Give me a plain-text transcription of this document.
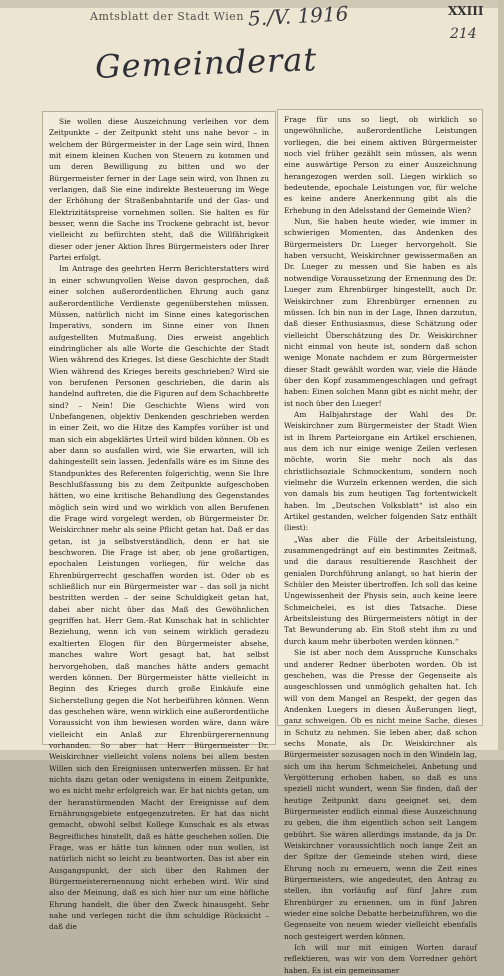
Amtsblatt der Stadt Wien 5./V. 1916	XXIII
214
Gemeinderat

Sie wollen diese Auszeichnung verleihen vor dem Zeitpunkte – der Zeitpunkt steht uns nahe bevor – in welchem der Bürgermeister in der Lage sein wird, Ihnen mit einem kleinen Kuchen von Steuern zu kommen und um deren Bewilligung zu bitten und wo der Bürgermeister ferner in der Lage sein wird, von Ihnen zu verlangen, daß Sie eine indirekte Besteuerung im Wege der Erhöhung der Straßenbahntarife und der Gas- und Elektrizitätspreise vornehmen sollen. Sie halten es für besser, wenn die Sache ins Trockene gebracht ist, bevor vielleicht zu befürchten steht, daß die Willfährigkeit dieser oder jener Aktion Ihres Bürgermeisters oder Ihrer Partei erfolgt.

Im Antrage des geehrten Herrn Berichterstatters wird in einer schwungvollen Weise davon gesprochen, daß einer solchen außerordentlichen Ehrung auch ganz außerordentliche Verdienste gegenüberstehen müssen. Müssen, natürlich nicht im Sinne eines kategorischen Imperativs, sondern im Sinne einer von Ihnen aufgestellten Mutmaßung. Dies erweist angeblich eindringlicher als alle Worte die Geschichte der Stadt Wien während des Krieges. Ist diese Geschichte der Stadt Wien während des Krieges bereits geschrieben? Wird sie von berufenen Personen geschrieben, die darin als handelnd auftreten, die die Figuren auf dem Schachbrette sind? – Nein! Die Geschichte Wiens wird von Unbefangenen, objektiv Denkenden geschrieben werden in einer Zeit, wo die Hitze des Kampfes vorüber ist und man sich ein abgeklärtes Urteil wird bilden können. Ob es aber dann so ausfallen wird, wie Sie erwarten, will ich dahingestellt sein lassen. Jedenfalls wäre es im Sinne des Standpunktes des Referenten folgerichtig, wenn Sie Ihre Beschlußfassung bis zu dem Zeitpunkte aufgeschoben hätten, wo eine kritische Behandlung des Gegenstandes möglich sein wird und wo wirklich von allen Berufenen die Frage wird vorgelegt werden, ob Bürgermeister Dr. Weiskirchner mehr als seine Pflicht getan hat. Daß er das getan, ist ja selbstverständlich, denn er hat sie beschworen. Die Frage ist aber, ob jene großartigen, epochalen Leistungen vorliegen, für welche das Ehrenbürgerrecht geschaffen worden ist. Oder ob es schließlich nur ein Bürgermeister war – das soll ja nicht bestritten werden – der seine Schuldigkeit getan hat, dabei aber nicht über das Maß des Gewöhnlichen gegriffen hat. Herr Gem.-Rat Kunschak hat in schlichter Beziehung, wenn ich von seinem wirklich geradezu exaltierten Elogen für den Bürgermeister absehe, manches wahre Wort gesagt hat, hat selbst hervorgehoben, daß manches hätte anders gemacht werden können. Der Bürgermeister hätte vielleicht in Beginn des Krieges durch große Einkäufe eine Sicherstellung gegen die Not herbeiführen können. Wenn das geschehen wäre, wenn wirklich eine außerordentliche Voraussicht von ihm bewiesen worden wäre, dann wäre vielleicht ein Anlaß zur Ehrenbürgerernennung vorhanden. So aber hat Herr Bürgermeister Dr. Weiskirchner vielleicht volens nolens bei allem besten Willen sich den Ereignissen unterwerfen müssen. Er hat nichts dazu getan oder wenigstens in einem Zeitpunkte, wo es nicht mehr erfolgreich war. Er hat nichts getan, um der heranstürmenden Macht der Ereignisse auf dem Ernährungsgebiete entgegenzutreten. Er hat das nicht gemacht, obwohl selbst Kollege Kunschak es als etwas Begreifliches hinstellt, daß es hätte geschehen sollen. Die Frage, was er hätte tun können oder nun wollen, ist natürlich nicht so leicht zu beantworten. Das ist aber ein Ausgangspunkt, der sich über den Rahmen der Bürgermeisterernennung nicht erheben wird. Wir sind also der Meinung, daß es sich hier nur um eine höfliche Ehrung handelt, die über den Zweck hinausgeht. Sehr nahe und verlegen nicht die ihm schuldige Rücksicht – daß die

Frage für uns so liegt, ob wirklich so ungewöhnliche, außerordentliche Leistungen vorliegen, die bei einem aktiven Bürgermeister noch viel früher gezählt sein müssen, als wenn eine auswärtige Person zu einer Auszeichnung herangezogen werden soll. Liegen wirklich so bedeutende, epochale Leistungen vor, für welche es keine andere Anerkennung gibt als die Erhebung in den Adelsstand der Gemeinde Wien?

Nun, Sie haben heute wieder, wie immer in schwierigen Momenten, das Andenken des Bürgermeisters Dr. Lueger hervorgeholt. Sie haben versucht, Weiskirchner gewissermaßen an Dr. Lueger zu messen und Sie haben es als notwendige Voraussetzung der Ernennung des Dr. Lueger zum Ehrenbürger hingestellt, auch Dr. Weiskirchner zum Ehrenbürger ernennen zu müssen. Ich bin nun in der Lage, Ihnen darzutun, daß dieser Enthusiasmus, diese Schätzung oder vielleicht Überschätzung des Dr. Weiskirchner nicht einmal von heute ist, sondern daß schon wenige Monate nachdem er zum Bürgermeister dieser Stadt gewählt worden war, viele die Hände über den Kopf zusammengeschlagen und gefragt haben: Einen solchen Mann gibt es nicht mehr, der ist noch über den Lueger!

Am Halbjahrstage der Wahl des Dr. Weiskirchner zum Bürgermeister der Stadt Wien ist in Ihrem Parteiorgane ein Artikel erschienen, aus dem ich nur einige wenige Zeilen verlesen möchte, worin Sie mehr noch als das christlichsoziale Schmockentum, sondern noch vielmehr die Wurzeln erkennen werden, die sich von damals bis zum heutigen Tag fortentwickelt haben. Im „Deutschen Volksblatt“ ist also ein Artikel gestanden, welcher folgenden Satz enthält (liest):

„Was aber die Fülle der Arbeitsleistung, zusammengedrängt auf ein bestimmtes Zeitmaß, und die daraus resultierende Raschheit der genialen Durchführung anlangt, so hat hierin der Schüler den Meister übertroffen. Ich soll das keine Ungewissenheit der Physis sein, auch keine leere Schmeichelei, es ist dies Tatsache. Diese Arbeitsleistung des Bürgermeisters nötigt in der Tat Bewunderung ab. Ein Stoß steht ihm zu und durch kaum mehr überboten werden können.“

Sie ist aber noch dem Ausspruche Kunschaks und anderer Redner überboten worden. Ob ist geschehen, was die Presse der Gegenseite als ausgeschlossen und unmöglich gehalten hat. Ich will von dem Mangel an Respekt, der gegen das Andenken Luegers in diesen Äußerungen liegt, ganz schweigen. Ob es nicht meine Sache, dieses in Schutz zu nehmen. Sie leben aber, daß schon sechs Monate, als Dr. Weiskirchner als Bürgermeister sozusagen noch in den Windeln lag, sich um ihn herum Schmeichelei, Anbetung und Vergötterung erhoben haben, so daß es uns speziell nicht wundert, wenn Sie finden, daß der heutige Zeitpunkt dazu geeignet sei, dem Bürgermeister endlich einmal diese Auszeichnung zu geben, die ihm eigentlich schon seit Langem gebührt. Sie wären allerdings imstande, da ja Dr. Weiskirchner voraussichtlich noch lange Zeit an der Spitze der Gemeinde stehen wird, diese Ehrung noch zu erneuern, wenn die Zeit eines Bürgermeisters, wie angedeutet, den Antrag zu stellen, ihn vorläufig auf fünf Jahre zum Ehrenbürger zu ernennen, um in fünf Jahren wieder eine solche Debatte herbeizuführen, wo die Gegenseite von neuem wieder vielleicht ebenfalls noch gesteigert werden können.

Ich will nur mit einigen Worten darauf reflektieren, was wir von dem Vorredner gehört haben. Es ist ein gemeinsamer
